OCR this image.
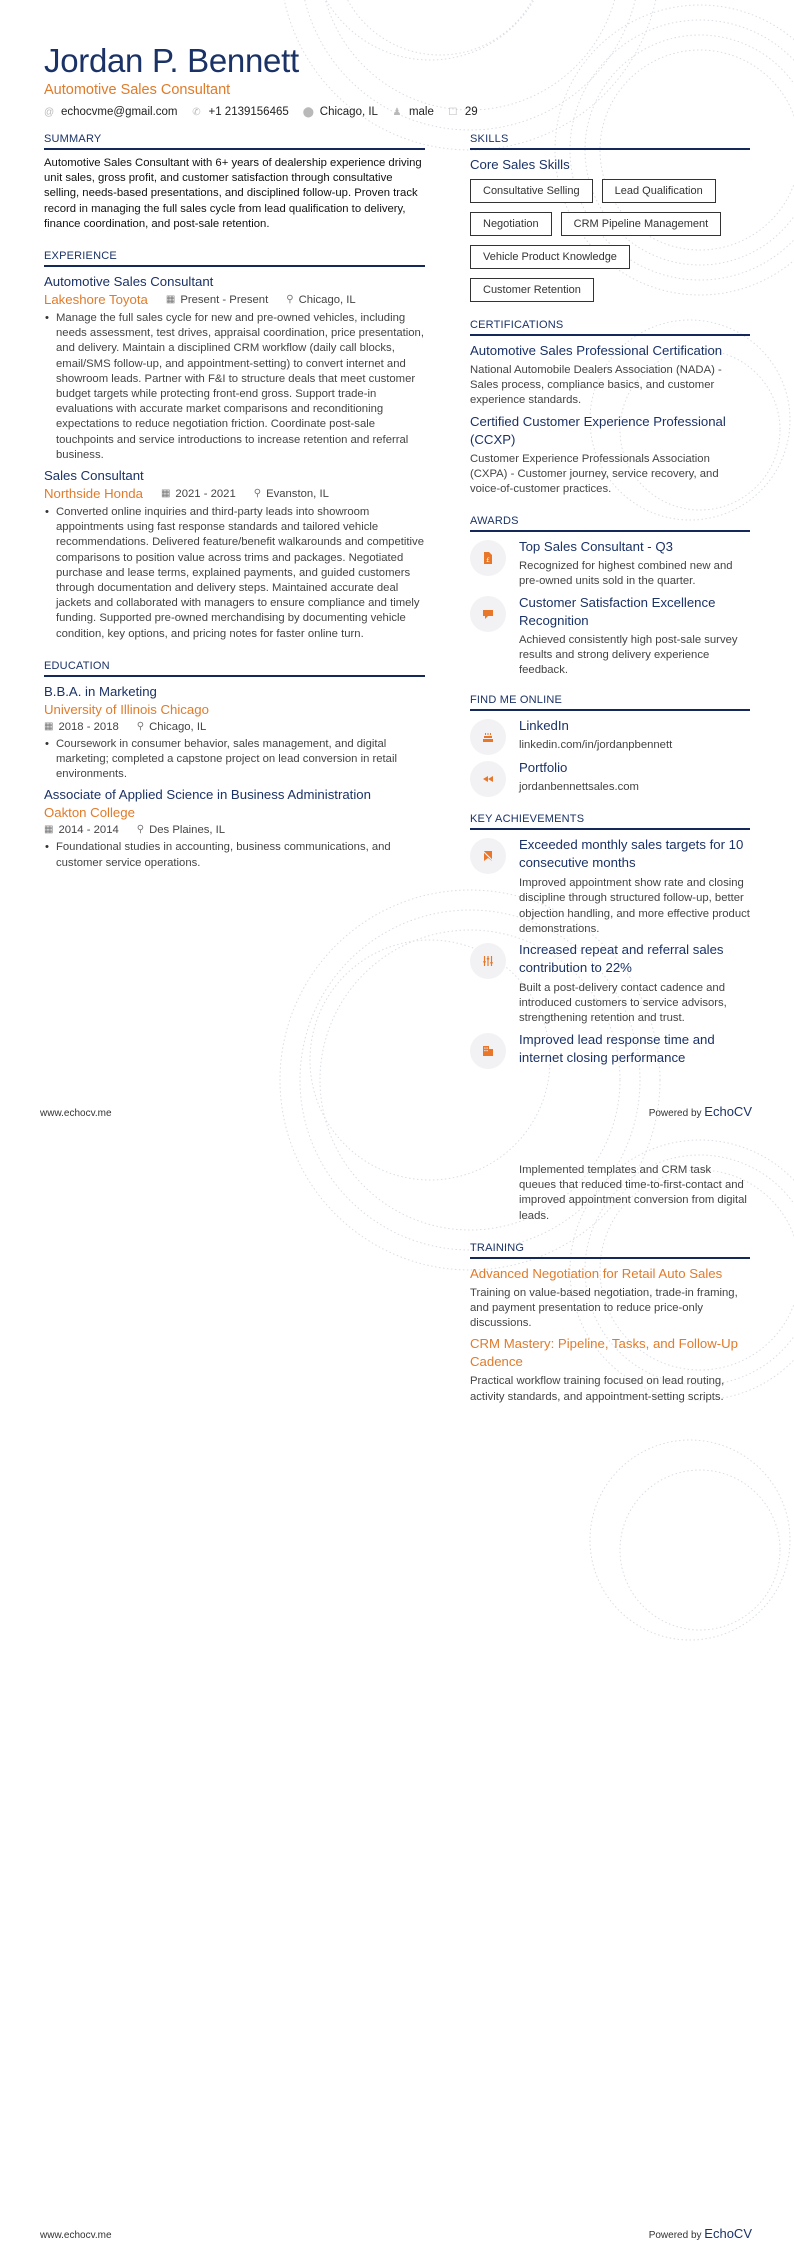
Jordan P. Bennett
Automotive Sales Consultant
@ echocvme@gmail.com ✆ +1 2139156465 ⬤ Chicago, IL ♟ male ☐ 29
SUMMARY

Automotive Sales Consultant with 6+ years of dealership experience driving unit sales, gross profit, and customer satisfaction through consultative selling, needs-based presentations, and disciplined follow-up. Proven track record in managing the full sales cycle from lead qualification to delivery, finance coordination, and post-sale retention.

EXPERIENCE
Automotive Sales Consultant
Lakeshore Toyota ▦ Present - Present ⚲ Chicago, IL
• Manage the full sales cycle for new and pre-owned vehicles, including needs assessment, test drives, appraisal coordination, price presentation, and delivery. Maintain a disciplined CRM workflow (daily call blocks, email/SMS follow-up, and appointment-setting) to convert internet and showroom leads. Partner with F&I to structure deals that meet customer budget targets while protecting front-end gross. Support trade-in evaluations with accurate market comparisons and reconditioning expectations to reduce negotiation friction. Coordinate post-sale touchpoints and service introductions to increase retention and referral business.
Sales Consultant
Northside Honda ▦ 2021 - 2021 ⚲ Evanston, IL
• Converted online inquiries and third-party leads into showroom appointments using fast response standards and tailored vehicle recommendations. Delivered feature/benefit walkarounds and competitive comparisons to position value across trims and packages. Negotiated purchase and lease terms, explained payments, and guided customers through documentation and delivery steps. Maintained accurate deal jackets and collaborated with managers to ensure compliance and timely funding. Supported pre-owned merchandising by documenting vehicle condition, key options, and pricing notes for faster online turn.
EDUCATION
B.B.A. in Marketing
University of Illinois Chicago
▦ 2018 - 2018 ⚲ Chicago, IL
• Coursework in consumer behavior, sales management, and digital marketing; completed a capstone project on lead conversion in retail environments.
Associate of Applied Science in Business Administration
Oakton College
▦ 2014 - 2014 ⚲ Des Plaines, IL
• Foundational studies in accounting, business communications, and customer service operations.
SKILLS
Core Sales Skills
Consultative Selling	Lead Qualification
Negotiation	CRM Pipeline Management
Vehicle Product Knowledge
Customer Retention
CERTIFICATIONS
Automotive Sales Professional Certification
National Automobile Dealers Association (NADA) - Sales process, compliance basics, and customer experience standards.
Certified Customer Experience Professional (CCXP)
Customer Experience Professionals Association (CXPA) - Customer journey, service recovery, and voice-of-customer practices.
AWARDS
£
Top Sales Consultant - Q3
Recognized for highest combined new and pre-owned units sold in the quarter.
Customer Satisfaction Excellence Recognition
Achieved consistently high post-sale survey results and strong delivery experience feedback.
FIND ME ONLINE
LinkedIn
linkedin.com/in/jordanpbennett
Portfolio
jordanbennettsales.com
KEY ACHIEVEMENTS
Exceeded monthly sales targets for 10 consecutive months
Improved appointment show rate and closing discipline through structured follow-up, better objection handling, and more effective product demonstrations.
Increased repeat and referral sales contribution to 22%
Built a post-delivery contact cadence and introduced customers to service advisors, strengthening retention and trust.
Improved lead response time and internet closing performance
www.echocv.me	Powered by EchoCV
Implemented templates and CRM task queues that reduced time-to-first-contact and improved appointment conversion from digital leads.
TRAINING
Advanced Negotiation for Retail Auto Sales
Training on value-based negotiation, trade-in framing, and payment presentation to reduce price-only discussions.
CRM Mastery: Pipeline, Tasks, and Follow-Up Cadence
Practical workflow training focused on lead routing, activity standards, and appointment-setting scripts.
www.echocv.me	Powered by EchoCV
